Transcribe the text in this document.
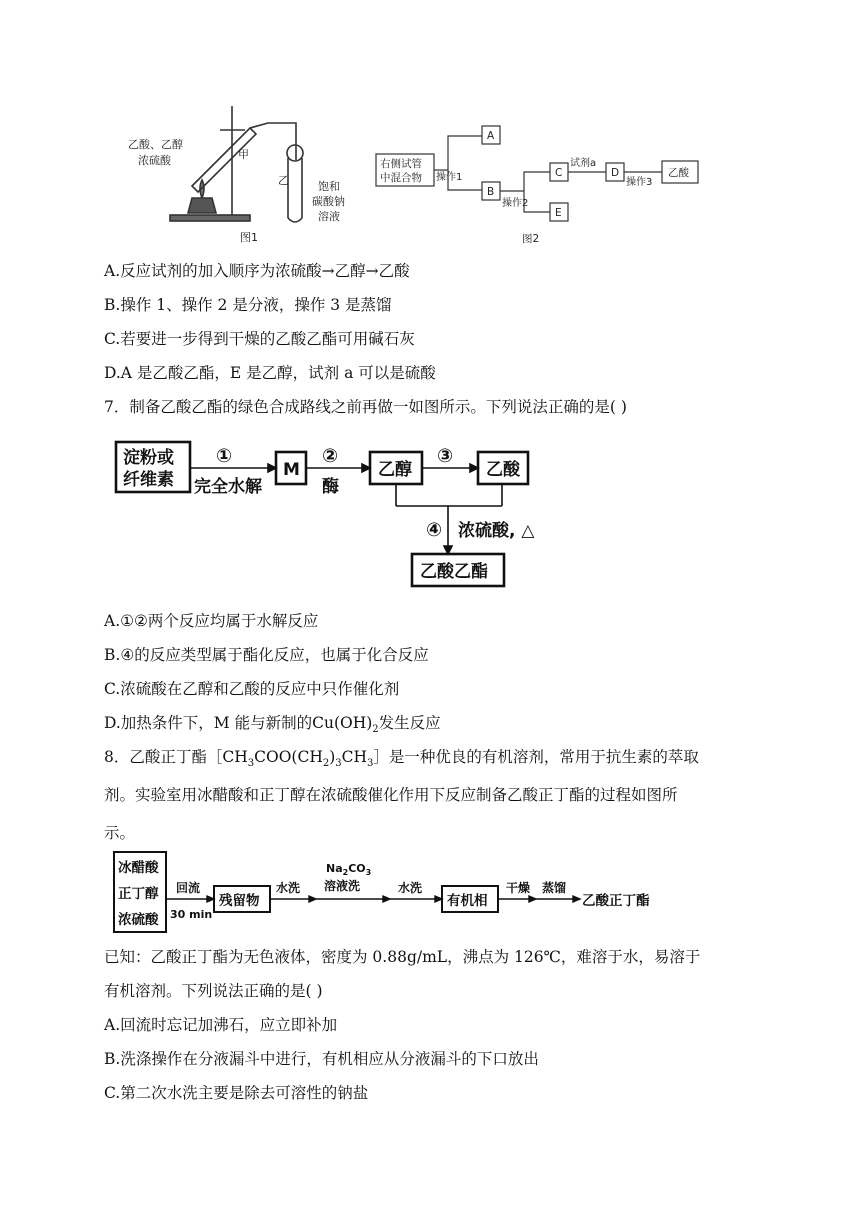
乙酸、乙醇
浓硫酸	甲
乙	饱和
碳酸钠
溶液
图1
右侧试管
中混合物 操作1
A
B
操作2
C
E
试剂a
D
操作3
乙酸
图2
A.反应试剂的加入顺序为浓硫酸→乙醇→乙酸
B.操作 1、操作 2 是分液，操作 3 是蒸馏
C.若要进一步得到干燥的乙酸乙酯可用碱石灰
D.A 是乙酸乙酯，E 是乙醇，试剂 a 可以是硫酸
7．制备乙酸乙酯的绿色合成路线之前再做一如图所示。下列说法正确的是( )
淀粉或
纤维素
①
完全水解
M
②
酶
乙醇
③
乙酸
④ 浓硫酸, △
乙酸乙酯
A.①②两个反应均属于水解反应
B.④的反应类型属于酯化反应，也属于化合反应
C.浓硫酸在乙醇和乙酸的反应中只作催化剂
D.加热条件下，M 能与新制的$Cu(OH)_2$发生反应
8．乙酸正丁酯$[CH_3COO(CH_2)_3CH_3]$是一种优良的有机溶剂，常用于抗生素的萃取
剂。实验室用冰醋酸和正丁醇在浓硫酸催化作用下反应制备乙酸正丁酯的过程如图所
示。
冰醋酸
正丁醇
浓硫酸
回流
30 min
残留物
水洗
$Na_2CO_3$
溶液洗	水洗
有机相
干燥 蒸馏
乙酸正丁酯
已知：乙酸正丁酯为无色液体，密度为 0.88g/mL，沸点为 126℃，难溶于水，易溶于
有机溶剂。下列说法正确的是( )
A.回流时忘记加沸石，应立即补加
B.洗涤操作在分液漏斗中进行，有机相应从分液漏斗的下口放出
C.第二次水洗主要是除去可溶性的钠盐
